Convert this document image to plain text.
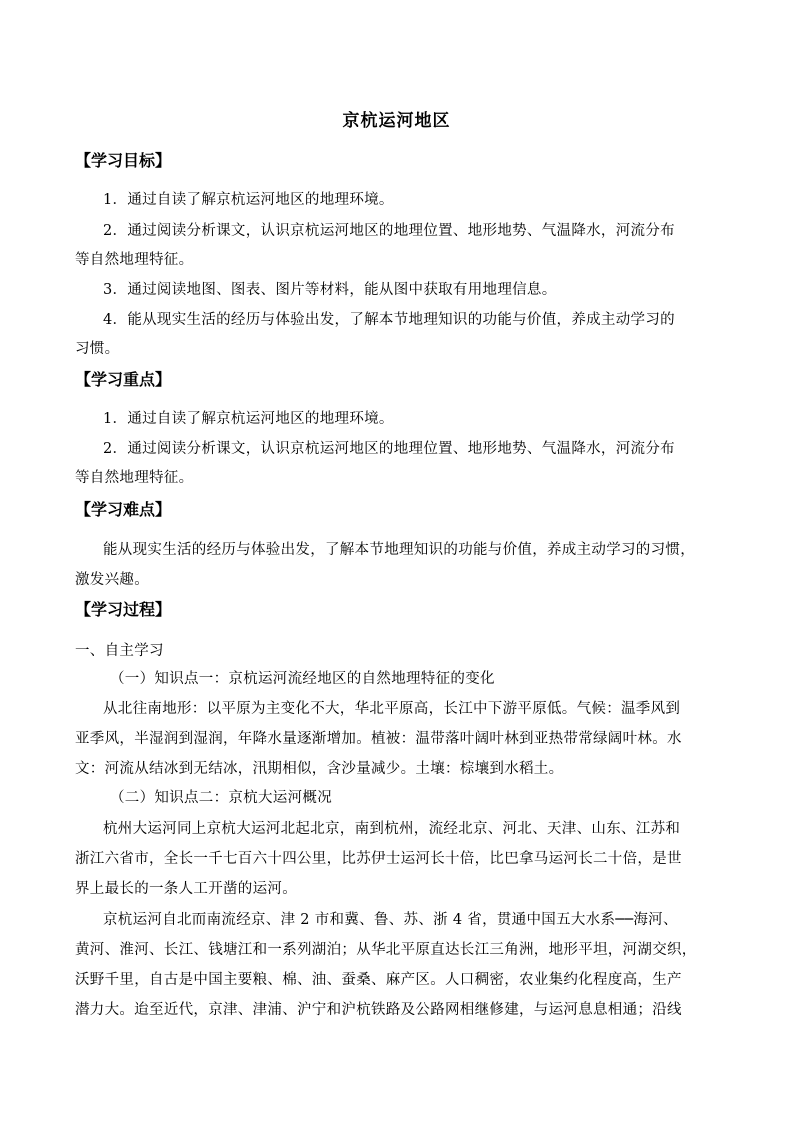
京杭运河地区
【学习目标】
1．通过自读了解京杭运河地区的地理环境。
2．通过阅读分析课文，认识京杭运河地区的地理位置、地形地势、气温降水，河流分布
等自然地理特征。
3．通过阅读地图、图表、图片等材料，能从图中获取有用地理信息。
4．能从现实生活的经历与体验出发，了解本节地理知识的功能与价值，养成主动学习的
习惯。
【学习重点】
1．通过自读了解京杭运河地区的地理环境。
2．通过阅读分析课文，认识京杭运河地区的地理位置、地形地势、气温降水，河流分布
等自然地理特征。
【学习难点】
能从现实生活的经历与体验出发，了解本节地理知识的功能与价值，养成主动学习的习惯，
激发兴趣。
【学习过程】
一、自主学习
（一）知识点一：京杭运河流经地区的自然地理特征的变化
从北往南地形：以平原为主变化不大，华北平原高，长江中下游平原低。气候：温季风到
亚季风，半湿润到湿润，年降水量逐渐增加。植被：温带落叶阔叶林到亚热带常绿阔叶林。水
文：河流从结冰到无结冰，汛期相似，含沙量减少。土壤：棕壤到水稻土。
（二）知识点二：京杭大运河概况
杭州大运河同上京杭大运河北起北京，南到杭州，流经北京、河北、天津、山东、江苏和
浙江六省市，全长一千七百六十四公里，比苏伊士运河长十倍，比巴拿马运河长二十倍，是世
界上最长的一条人工开凿的运河。
京杭运河自北而南流经京、津 2 市和冀、鲁、苏、浙 4 省，贯通中国五大水系──海河、
黄河、淮河、长江、钱塘江和一系列湖泊；从华北平原直达长江三角洲，地形平坦，河湖交织，
沃野千里，自古是中国主要粮、棉、油、蚕桑、麻产区。人口稠密，农业集约化程度高，生产
潜力大。迨至近代，京津、津浦、沪宁和沪杭铁路及公路网相继修建，与运河息息相通；沿线
